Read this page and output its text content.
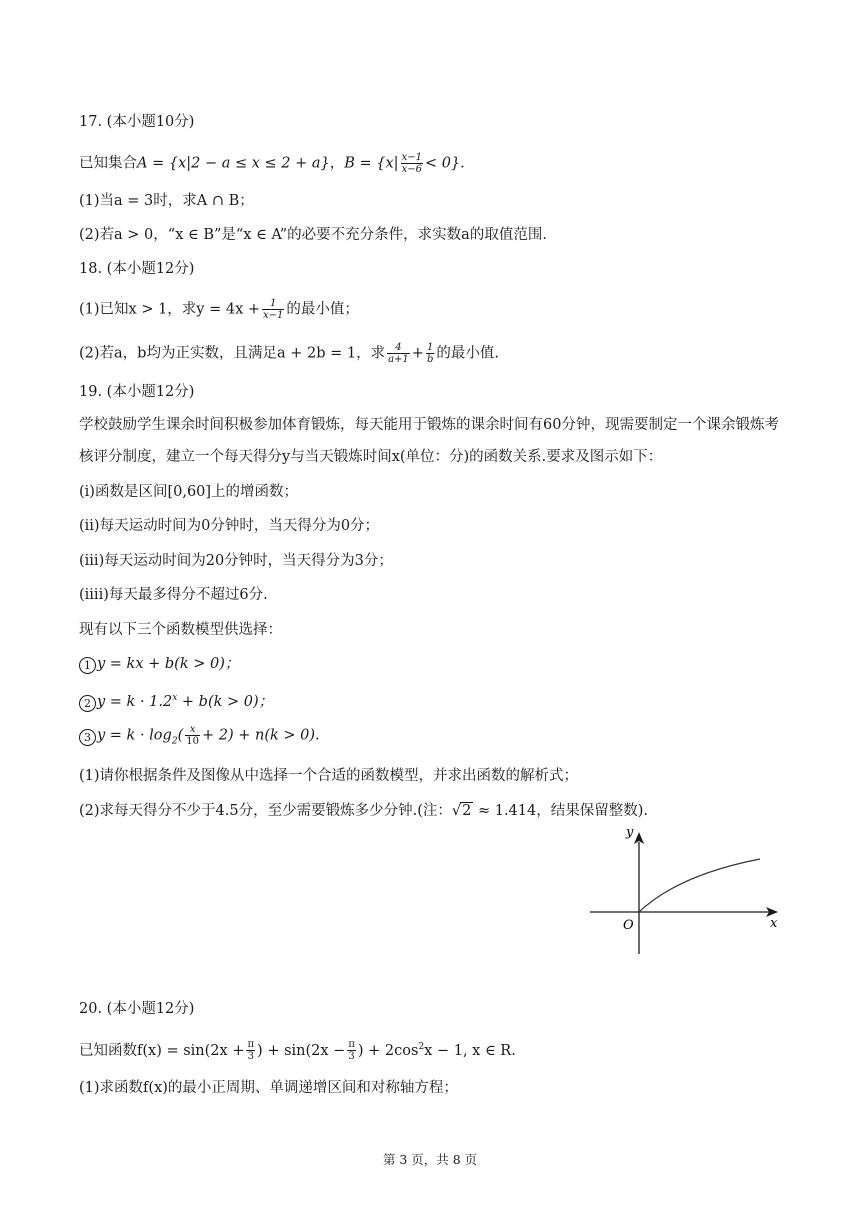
17. (本小题10分)
已知集合A = {x|2 − a ≤ x ≤ 2 + a}，$B = \{x| \frac{x-1}{x-6} < 0\}$.
(1)当a = 3时，求A ∩ B；
(2)若a > 0，“x ∈ B”是“x ∈ A”的必要不充分条件，求实数a的取值范围.
18. (本小题12分)
(1)已知x > 1，求$y = 4x + \frac{1}{x-1}$ 的最小值；
(2)若a，b均为正实数，且满足a + 2b = 1，求 $\frac{4}{a+1} + \frac{1}{b}$ 的最小值.
19. (本小题12分)
学校鼓励学生课余时间积极参加体育锻炼，每天能用于锻炼的课余时间有60分钟，现需要制定一个课余锻炼考核评分制度，建立一个每天得分y与当天锻炼时间x(单位：分)的函数关系.要求及图示如下：
(i)函数是区间[0,60]上的增函数；
(ii)每天运动时间为0分钟时，当天得分为0分；
(iii)每天运动时间为20分钟时，当天得分为3分；
(iiii)每天最多得分不超过6分.
现有以下三个函数模型供选择：
1 y = kx + b(k > 0)；
2 $y = k \cdot 1.2^x + b(k > 0)$；
3 $y = k \cdot \log_2( \frac{x}{10} + 2) + n(k > 0)$.
(1)请你根据条件及图像从中选择一个合适的函数模型，并求出函数的解析式；
(2)求每天得分不少于4.5分，至少需要锻炼多少分钟.(注：√2 ≈ 1.414，结果保留整数).
y
x
O
20. (本小题12分)
已知函数$f(x) = \sin(2x + \frac{\pi}{3}$ ) + $\sin(2x - \frac{\pi}{3}$ ) + $2\cos^2x - 1$, x ∈ R.
(1)求函数f(x)的最小正周期、单调递增区间和对称轴方程；
第 3 页，共 8 页
